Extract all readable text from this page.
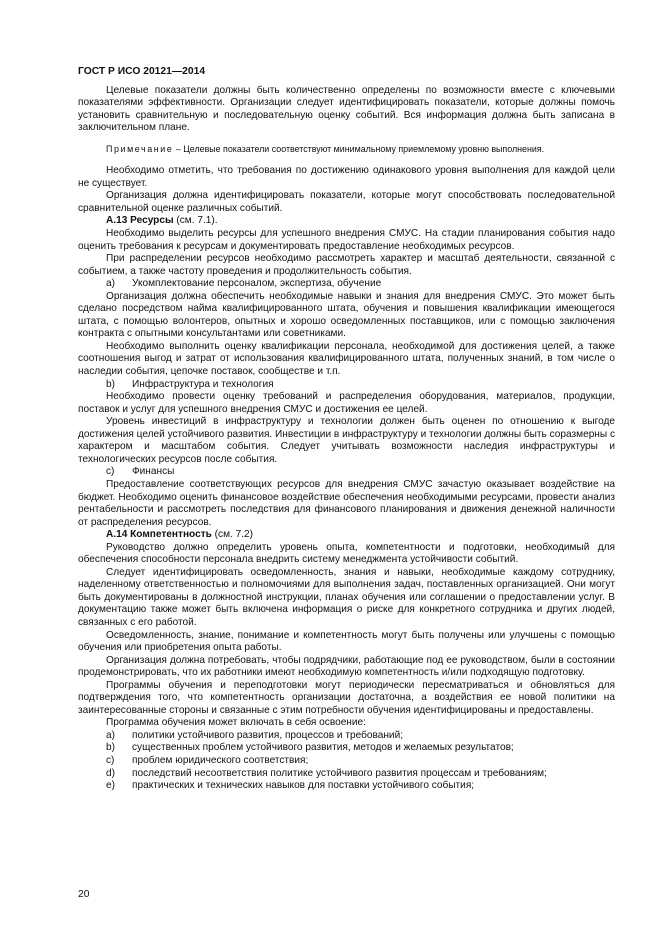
ГОСТ Р ИСО 20121—2014

Целевые показатели должны быть количественно определены по возможности вместе с ключевыми показателями эффективности. Организации следует идентифицировать показатели, которые должны помочь установить сравнительную и последовательную оценку событий. Вся информация должна быть записана в заключительном плане.

Примечание – Целевые показатели соответствуют минимальному приемлемому уровню выполнения.

Необходимо отметить, что требования по достижению одинакового уровня выполнения для каждой цели не существует.

Организация должна идентифицировать показатели, которые могут способствовать последовательной сравнительной оценке различных событий.

А.13 Ресурсы (см. 7.1).

Необходимо выделить ресурсы для успешного внедрения СМУС. На стадии планирования события надо оценить требования к ресурсам и документировать предоставление необходимых ресурсов.

При распределении ресурсов необходимо рассмотреть характер и масштаб деятельности, связанной с событием, а также частоту проведения и продолжительность события.

а)	Укомплектование персоналом, экспертиза, обучение

Организация должна обеспечить необходимые навыки и знания для внедрения СМУС. Это может быть сделано посредством найма квалифицированного штата, обучения и повышения квалификации имеющегося штата, с помощью волонтеров, опытных и хорошо осведомленных поставщиков, или с помощью заключения контракта с опытными консультантами или советниками.

Необходимо выполнить оценку квалификации персонала, необходимой для достижения целей, а также соотношения выгод и затрат от использования квалифицированного штата, полученных знаний, в том числе о наследии события, цепочке поставок, сообществе и т.п.

b)	Инфраструктура и технология

Необходимо провести оценку требований и распределения оборудования, материалов, продукции, поставок и услуг для успешного внедрения СМУС и достижения ее целей.

Уровень инвестиций в инфраструктуру и технологии должен быть оценен по отношению к выгоде достижения целей устойчивого развития. Инвестиции в инфраструктуру и технологии должны быть соразмерны с характером и масштабом события. Следует учитывать возможности наследия инфраструктуры и технологических ресурсов после события.

с)	Финансы

Предоставление соответствующих ресурсов для внедрения СМУС зачастую оказывает воздействие на бюджет. Необходимо оценить финансовое воздействие обеспечения необходимыми ресурсами, провести анализ рентабельности и рассмотреть последствия для финансового планирования и движения денежной наличности от распределения ресурсов.

А.14 Компетентность (см. 7.2)

Руководство должно определить уровень опыта, компетентности и подготовки, необходимый для обеспечения способности персонала внедрить систему менеджмента устойчивости событий.

Следует идентифицировать осведомленность, знания и навыки, необходимые каждому сотруднику, наделенному ответственностью и полномочиями для выполнения задач, поставленных организацией. Они могут быть документированы в должностной инструкции, планах обучения или соглашении о предоставлении услуг. В документацию также может быть включена информация о риске для конкретного сотрудника и других людей, связанных с его работой.

Осведомленность, знание, понимание и компетентность могут быть получены или улучшены с помощью обучения или приобретения опыта работы.

Организация должна потребовать, чтобы подрядчики, работающие под ее руководством, были в состоянии продемонстрировать, что их работники имеют необходимую компетентность и/или подходящую подготовку.

Программы обучения и переподготовки могут периодически пересматриваться и обновляться для подтверждения того, что компетентность организации достаточна, а воздействия ее новой политики на заинтересованные стороны и связанные с этим потребности обучения идентифицированы и предоставлены.

Программа обучения может включать в себя освоение:

а)	политики устойчивого развития, процессов и требований;
b)	существенных проблем устойчивого развития, методов и желаемых результатов;
с)	проблем юридического соответствия;
d)	последствий несоответствия политике устойчивого развития процессам и требованиям;
е)	практических и технических навыков для поставки устойчивого события;
20
